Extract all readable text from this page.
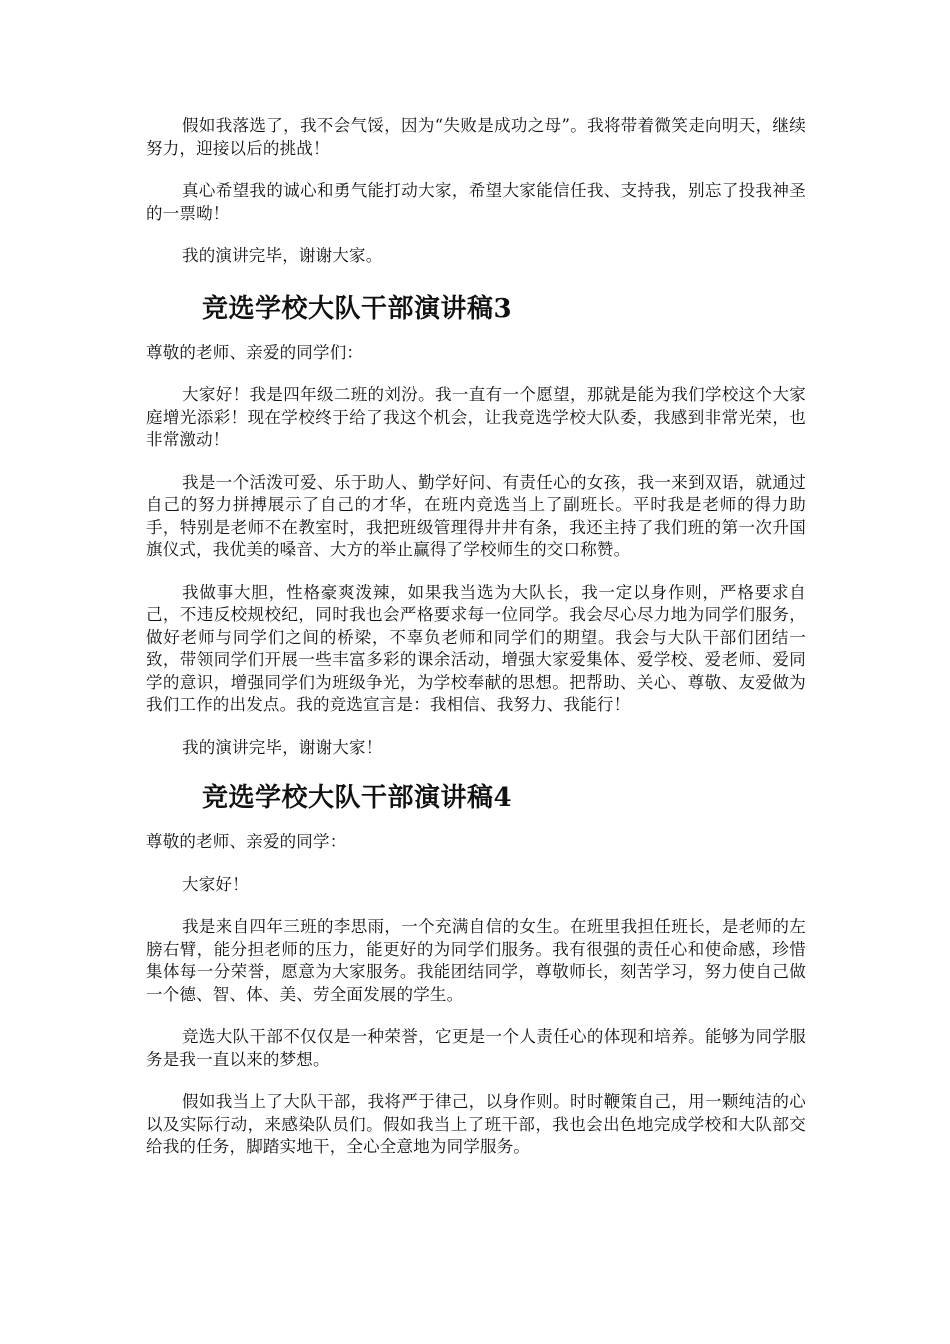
假如我落选了，我不会气馁，因为“失败是成功之母”。我将带着微笑走向明天，继续努力，迎接以后的挑战！

真心希望我的诚心和勇气能打动大家，希望大家能信任我、支持我，别忘了投我神圣的一票呦！

我的演讲完毕，谢谢大家。

竞选学校大队干部演讲稿3

尊敬的老师、亲爱的同学们：

大家好！我是四年级二班的刘汾。我一直有一个愿望，那就是能为我们学校这个大家庭增光添彩！现在学校终于给了我这个机会，让我竞选学校大队委，我感到非常光荣，也非常激动！

我是一个活泼可爱、乐于助人、勤学好问、有责任心的女孩，我一来到双语，就通过自己的努力拼搏展示了自己的才华，在班内竞选当上了副班长。平时我是老师的得力助手，特别是老师不在教室时，我把班级管理得井井有条，我还主持了我们班的第一次升国旗仪式，我优美的嗓音、大方的举止赢得了学校师生的交口称赞。

我做事大胆，性格豪爽泼辣，如果我当选为大队长，我一定以身作则，严格要求自己，不违反校规校纪，同时我也会严格要求每一位同学。我会尽心尽力地为同学们服务，做好老师与同学们之间的桥梁，不辜负老师和同学们的期望。我会与大队干部们团结一致，带领同学们开展一些丰富多彩的课余活动，增强大家爱集体、爱学校、爱老师、爱同学的意识，增强同学们为班级争光，为学校奉献的思想。把帮助、关心、尊敬、友爱做为我们工作的出发点。我的竞选宣言是：我相信、我努力、我能行！

我的演讲完毕，谢谢大家！

竞选学校大队干部演讲稿4

尊敬的老师、亲爱的同学：

大家好！

我是来自四年三班的李思雨，一个充满自信的女生。在班里我担任班长，是老师的左膀右臂，能分担老师的压力，能更好的为同学们服务。我有很强的责任心和使命感，珍惜集体每一分荣誉，愿意为大家服务。我能团结同学，尊敬师长，刻苦学习，努力使自己做一个德、智、体、美、劳全面发展的学生。

竞选大队干部不仅仅是一种荣誉，它更是一个人责任心的体现和培养。能够为同学服务是我一直以来的梦想。

假如我当上了大队干部，我将严于律己，以身作则。时时鞭策自己，用一颗纯洁的心以及实际行动，来感染队员们。假如我当上了班干部，我也会出色地完成学校和大队部交给我的任务，脚踏实地干，全心全意地为同学服务。
